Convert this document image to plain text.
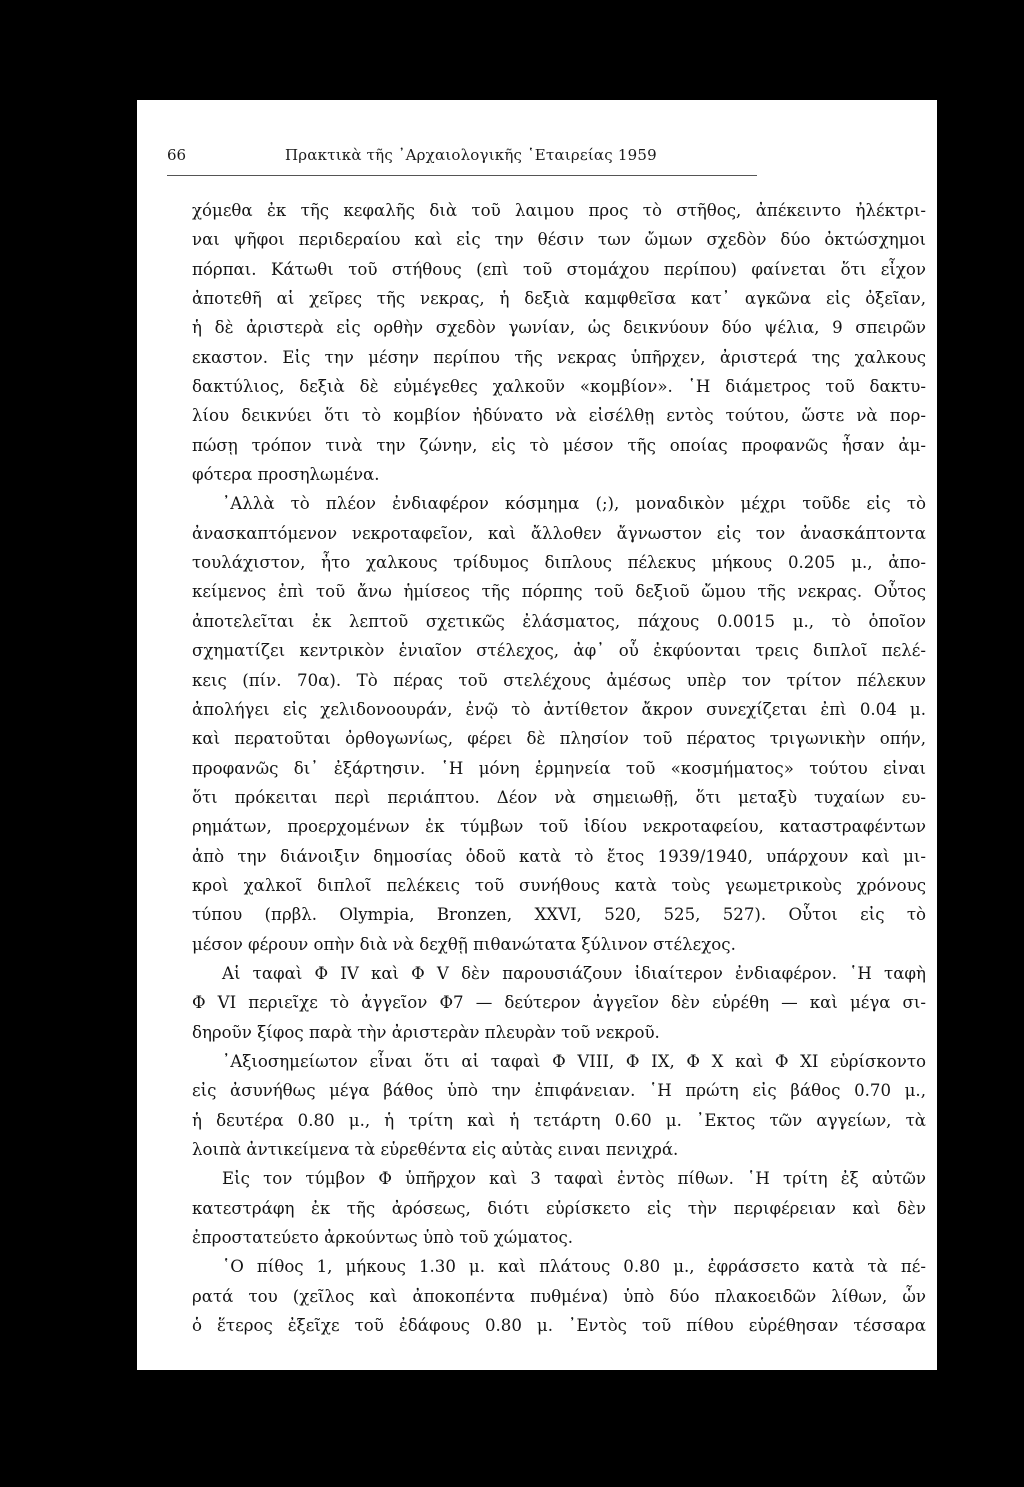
66	Πρακτικὰ τῆς ᾿Αρχαιολογικῆς ῾Εταιρείας 1959
χόμεθα ἐκ τῆς κεφαλῆς διὰ τοῦ λαιμου προς τὸ στῆθος, ἀπέκειντο ἠλέκτρι-
ναι ψῆφοι περιδεραίου καὶ εἰς την θέσιν των ὤμων σχεδὸν δύο ὀκτώσχημοι
πόρπαι. Κάτωθι τοῦ στήθους (επὶ τοῦ στομάχου περίπου) φαίνεται ὅτι εἶχον
ἀποτεθῆ αἱ χεῖρες τῆς νεκρας, ἡ δεξιὰ καμφθεῖσα κατ᾿ αγκῶνα εἰς ὀξεῖαν,
ἡ δὲ ἀριστερὰ εἰς ορθὴν σχεδὸν γωνίαν, ὡς δεικνύουν δύο ψέλια, 9 σπειρῶν
εκαστον. Εἰς την μέσην περίπου τῆς νεκρας ὑπῆρχεν, ἀριστερά της χαλκους
δακτύλιος, δεξιὰ δὲ εὐμέγεθες χαλκοῦν «κομβίον». ῾Η διάμετρος τοῦ δακτυ-
λίου δεικνύει ὅτι τὸ κομβίον ἠδύνατο νὰ εἰσέλθῃ εντὸς τούτου, ὥστε νὰ πορ-
πώσῃ τρόπον τινὰ την ζώνην, εἰς τὸ μέσον τῆς οποίας προφανῶς ἦσαν ἀμ-
φότερα προσηλωμένα.
᾿Αλλὰ τὸ πλέον ἐνδιαφέρον κόσμημα (;), μοναδικὸν μέχρι τοῦδε εἰς τὸ
ἀνασκαπτόμενον νεκροταφεῖον, καὶ ἄλλοθεν ἄγνωστον εἰς τον ἀνασκάπτοντα
τουλάχιστον, ἦτο χαλκους τρίδυμος διπλους πέλεκυς μήκους 0.205 μ., ἀπο-
κείμενος ἐπὶ τοῦ ἄνω ἡμίσεος τῆς πόρπης τοῦ δεξιοῦ ὤμου τῆς νεκρας. Οὗτος
ἀποτελεῖται ἐκ λεπτοῦ σχετικῶς ἐλάσματος, πάχους 0.0015 μ., τὸ ὁποῖον
σχηματίζει κεντρικὸν ἑνιαῖον στέλεχος, ἀφ᾿ οὗ ἐκφύονται τρεις διπλοῖ πελέ-
κεις (πίν. 70α). Τὸ πέρας τοῦ στελέχους ἀμέσως υπὲρ τον τρίτον πέλεκυν
ἀπολήγει εἰς χελιδονοουράν, ἐνῷ τὸ ἀντίθετον ἄκρον συνεχίζεται ἐπὶ 0.04 μ.
καὶ περατοῦται ὀρθογωνίως, φέρει δὲ πλησίον τοῦ πέρατος τριγωνικὴν οπήν,
προφανῶς δι᾿ ἐξάρτησιν. ῾Η μόνη ἑρμηνεία τοῦ «κοσμήματος» τούτου εἰναι
ὅτι πρόκειται περὶ περιάπτου. Δέον νὰ σημειωθῇ, ὅτι μεταξὺ τυχαίων ευ-
ρημάτων, προερχομένων ἐκ τύμβων τοῦ ἰδίου νεκροταφείου, καταστραφέντων
ἀπὸ την διάνοιξιν δημοσίας ὁδοῦ κατὰ τὸ ἔτος 1939/1940, υπάρχουν καὶ μι-
κροὶ χαλκοῖ διπλοῖ πελέκεις τοῦ συνήθους κατὰ τοὺς γεωμετρικοὺς χρόνους
τύπου (πρβλ. Olympia, Bronzen, XXVI, 520, 525, 527). Οὗτοι εἰς τὸ
μέσον φέρουν οπὴν διὰ νὰ δεχθῇ πιθανώτατα ξύλινον στέλεχος.
Αἱ ταφαὶ Φ IV καὶ Φ V δὲν παρουσιάζουν ἰδιαίτερον ἐνδιαφέρον. ῾Η ταφὴ
Φ VI περιεῖχε τὸ ἀγγεῖον Φ7 — δεύτερον ἀγγεῖον δὲν εὑρέθη — καὶ μέγα σι-
δηροῦν ξίφος παρὰ τὴν ἀριστερὰν πλευρὰν τοῦ νεκροῦ.
᾿Αξιοσημείωτον εἶναι ὅτι αἱ ταφαὶ Φ VIII, Φ IX, Φ X καὶ Φ XI εὑρίσκοντο
εἰς ἀσυνήθως μέγα βάθος ὑπὸ την ἐπιφάνειαν. ῾Η πρώτη εἰς βάθος 0.70 μ.,
ἡ δευτέρα 0.80 μ., ἡ τρίτη καὶ ἡ τετάρτη 0.60 μ. ᾿Εκτος τῶν αγγείων, τὰ
λοιπὰ ἀντικείμενα τὰ εὑρεθέντα εἰς αὐτὰς ειναι πενιχρά.
Εἰς τον τύμβον Φ ὑπῆρχον καὶ 3 ταφαὶ ἐντὸς πίθων. ῾Η τρίτη ἐξ αὐτῶν
κατεστράφη ἐκ τῆς ἀρόσεως, διότι εὑρίσκετο εἰς τὴν περιφέρειαν καὶ δὲν
ἐπροστατεύετο ἀρκούντως ὑπὸ τοῦ χώματος.
῾Ο πίθος 1, μήκους 1.30 μ. καὶ πλάτους 0.80 μ., ἐφράσσετο κατὰ τὰ πέ-
ρατά του (χεῖλος καὶ ἀποκοπέντα πυθμένα) ὑπὸ δύο πλακοειδῶν λίθων, ὧν
ὁ ἕτερος ἐξεῖχε τοῦ ἐδάφους 0.80 μ. ᾿Εντὸς τοῦ πίθου εὑρέθησαν τέσσαρα
